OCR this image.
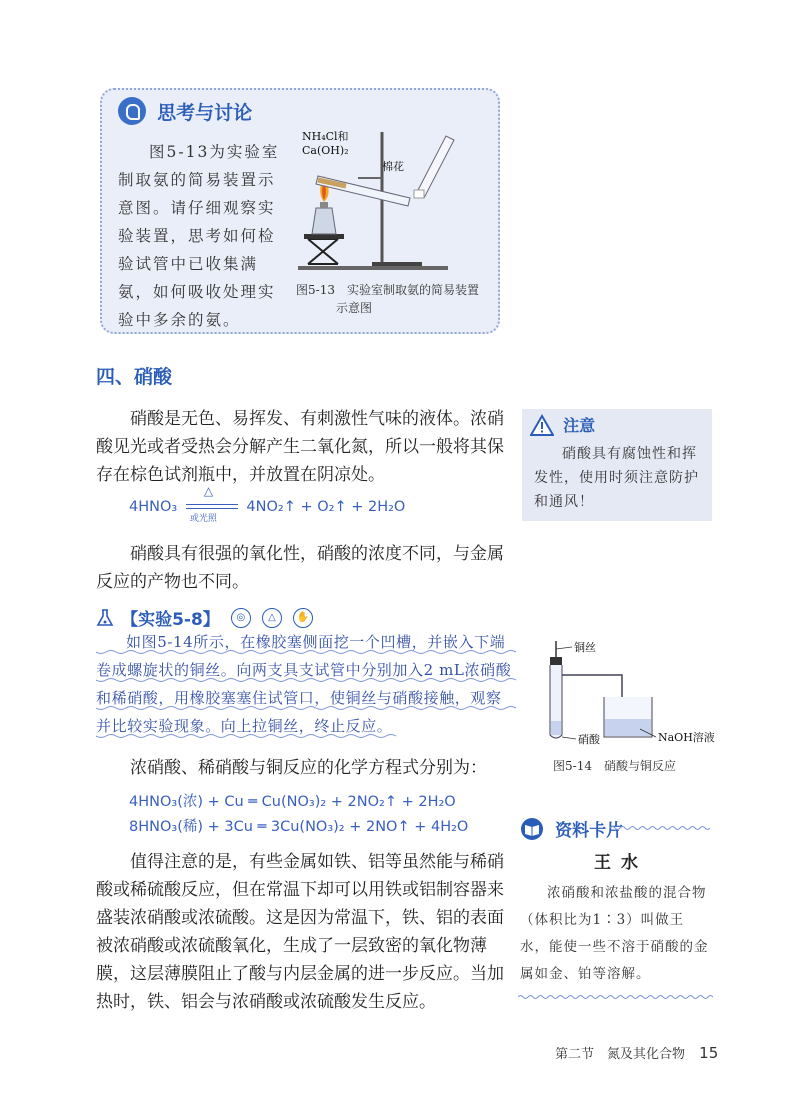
思考与讨论

图5-13为实验室制取氨的简易装置示意图。请仔细观察实验装置，思考如何检验试管中已收集满氨，如何吸收处理实验中多余的氨。

NH₄Cl和
Ca(OH)₂
棉花
图5-13　实验室制取氨的简易装置
示意图
四、硝酸

硝酸是无色、易挥发、有刺激性气味的液体。浓硝酸见光或者受热会分解产生二氧化氮，所以一般将其保存在棕色试剂瓶中，并放置在阴凉处。

4HNO₃
△
或光照
4NO₂↑ + O₂↑ + 2H₂O

硝酸具有很强的氧化性，硝酸的浓度不同，与金属反应的产物也不同。

【实验5-8】 ◎ △ ✋

如图5-14所示，在橡胶塞侧面挖一个凹槽，并嵌入下端卷成螺旋状的铜丝。向两支具支试管中分别加入2 mL浓硝酸和稀硝酸，用橡胶塞塞住试管口，使铜丝与硝酸接触，观察并比较实验现象。向上拉铜丝，终止反应。

浓硝酸、稀硝酸与铜反应的化学方程式分别为：

4HNO₃(浓) + Cu ═ Cu(NO₃)₂ + 2NO₂↑ + 2H₂O
8HNO₃(稀) + 3Cu ═ 3Cu(NO₃)₂ + 2NO↑ + 4H₂O

值得注意的是，有些金属如铁、铝等虽然能与稀硝酸或稀硫酸反应，但在常温下却可以用铁或铝制容器来盛装浓硝酸或浓硫酸。这是因为常温下，铁、铝的表面被浓硝酸或浓硫酸氧化，生成了一层致密的氧化物薄膜，这层薄膜阻止了酸与内层金属的进一步反应。当加热时，铁、铝会与浓硝酸或浓硫酸发生反应。

注意

硝酸具有腐蚀性和挥发性，使用时须注意防护和通风！

铜丝
硝酸	NaOH溶液
图5-14　硝酸与铜反应
资料卡片
王水

浓硝酸和浓盐酸的混合物（体积比为1∶3）叫做王水，能使一些不溶于硝酸的金属如金、铂等溶解。

第二节　氮及其化合物 15
